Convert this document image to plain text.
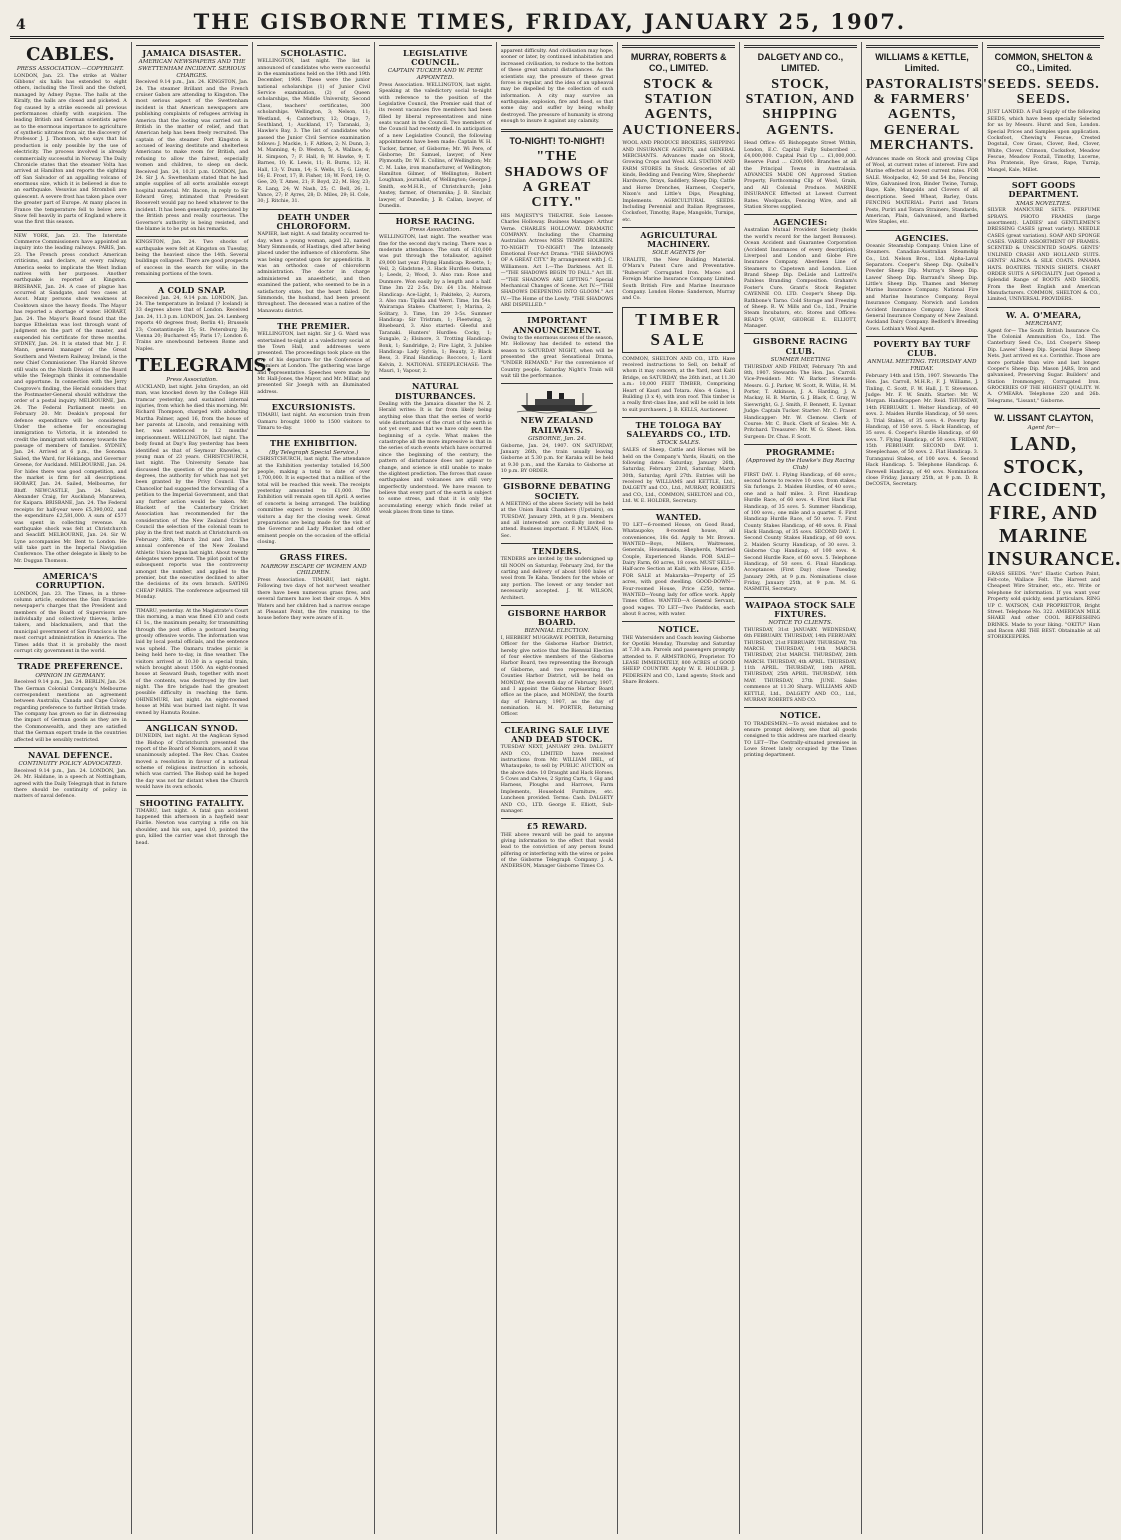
4	THE GISBORNE TIMES, FRIDAY, JANUARY 25, 1907.
CABLES.
PRESS ASSOCIATION.—COPYRIGHT.
LONDON, Jan. 23. The strike at Walter Gibbons' six halls has extended to eight others, including the Tivoli and the Oxford, managed by Adney Payne. The halls at the Kiralfy, the halls are closed and picketed. A fog caused by a strike exceeds all previous performances chiefly with suspicion. The leading British and German scientists agree as to the enormous importance to agriculture of synthetic nitrates from air, the discovery of Professor J. J. Thomson, who says that his production is only possible by the use of electricity. The process involved is already commercially successful in Norway. The Daily Chronicle states that the steamer Volta has arrived at Hamilton and reports the sighting off San Salvador of an appalling volcano of enormous size, which it is believed is due to an earthquake. Vesuvius and Stromboli are quiescent. A severe frost has taken place over the greater part of Europe. At many places in France the temperature fell to below zero. Snow fell heavily in parts of England where it was the first this season.
NEW YORK, Jan. 23. The Interstate Commerce Commissioners have appointed an inquiry into the leading railways. PARIS, Jan. 23. The French press conduct American criticisms, and declare, at every railway, America seeks to implicate the West Indian natives with her purposes. Another earthquake is reported at Kingston. BRISBANE, Jan. 24. A case of plague has occurred at Sandgate, and two cases at Ascot. Many persons show weakness at Cooktown since the heavy floods. The Mayor has reported a shortage of water. HOBART, Jan. 24. The Mayor's Board found that the barque Ethelstan was lost through want of judgment on the part of the master, and suspended his certificate for three months. SYDNEY, Jan. 24. It is stated that Mr. J. F. Mann, general manager of the Great Southern and Western Railway, Ireland, is the new Chief Commissioner. The Harold Shrove still waits on the Ninth Division of the Board while the Telegraph thinks it commendable and opportune. In connection with the Jerry Cosgrove's finding, the Herald considers that the Postmaster-General should withdraw the order of a postal inquiry. MELBOURNE, Jan. 24. The Federal Parliament meets on February 20. Mr. Deakin's proposal for defence expenditure will be considered. Under the scheme for encouraging immigration to Victoria, it is intended to credit the immigrant with money towards the passage of members of families. SYDNEY, Jan. 24. Arrived at 6 p.m., the Sonoma. Sailed, the Ward, for Hokianga, and Governor Greene, for Auckland. MELBOURNE, Jan. 24. For hides there was good competition, and the market is firm for all descriptions. HOBART, Jan. 24. Sailed, Melbourne, for Bluff. NEWCASTLE, Jan. 24. Sailed, Alexander Craig, for Auckland; Manurewa, for Kaipara. BRISBANE, Jan. 24. The Federal receipts for half-year were £5,390,002, and the expenditure £2,581,000. A sum of £577 was spent in collecting revenue. An earthquake shock was felt at Christchurch and Seacliff. MELBOURNE, Jan. 24. Sir W. Lyne accompanies Mr. Bent to London. He will take part in the Imperial Navigation Conference. The other delegate is likely to be Mr. Duggan Thomson.
AMERICA'S CORRUPTION.
LONDON, Jan. 23. The Times, in a three-column article, endorses the San Francisco newspaper's charges that the President and members of the Board of Supervisors are individually and collectively thieves, bribe-takers, and blackmailers, and that the municipal government of San Francisco is the most corrupt administration in America. The Times adds that it is probably the most corrupt city government in the world.
TRADE PREFERENCE.
OPINION IN GERMANY.
Received 9.14 p.m., Jan. 24. BERLIN, Jan. 24. The German Colonial Company's Melbourne correspondent mentions an agreement between Australia, Canada and Cape Colony regarding preference to further British trade. The company has grown so far in distressing the impact of German goods as they are in the Commonwealth, and they are satisfied that the German export trade in the countries affected will be sensibly restricted.
NAVAL DEFENCE.
CONTINUITY POLICY ADVOCATED.
Received 9.14 p.m., Jan. 24. LONDON, Jan. 24. Mr. Haldane, in a speech at Nottingham, agreed with the Daily Telegraph that in future there should be continuity of policy in matters of naval defence.
JAMAICA DISASTER.
AMERICAN NEWSPAPERS AND THE SWETTENHAM INCIDENT. SERIOUS CHARGES.
Received 9.14 p.m., Jan. 24. KINGSTON, Jan. 24. The steamer Brillant and the French cruiser Gabon are attending to Kingston. The most serious aspect of the Swettenham incident is that American newspapers are publishing complaints of refugees arriving in America that the looting was carried out in British in the matter of relief, and that American help has been freely recruited. The captain of the steamer Port Kingston is accused of leaving destitute and shelterless Americans to make room for British, and refusing to allow the fairest, especially women and children, to sleep on deck. Received Jan. 24, 10.31 p.m. LONDON, Jan. 24. Sir J. A. Swettenham stated that he had ample supplies of all sorts available except hospital material. Mr. Bacon, in reply to Sir Edward Grey, intimated that President Roosevelt would pay no heed whatever to the incident. It has been generally appreciated by the British press and really courteous. The Governor's authority is being resisted, and the blame is to be put on his remarks.
KINGSTON, Jan. 24. Two shocks of earthquake were felt at Kingston on Tuesday, being the heaviest since the 14th. Several buildings collapsed. There are good prospects of success in the search for wills; in the remaining portions of the town.
A COLD SNAP.
Received Jan. 24, 9.14 p.m. LONDON, Jan. 24. The temperature in Ireland (? Iceland) is 33 degrees above that of London. Received Jan. 24, 11.3 p.m. LONDON, Jan. 24. Lemberg reports 40 degrees frost; Berlin 41; Brussels 23; Constantinople 15; St. Petersburg 28; Vienna 20; Bucharest 45; Paris 17; London 6. Trains are snowbound between Rome and Naples.
TELEGRAMS.
Press Association.
AUCKLAND, last night. John Graydon, an old man, was knocked down by the College Hill tramcar yesterday, and sustained internal injuries, from which he died this morning. Mr. Richard Thompson, charged with abducting Martha Palmer, aged 16, from the house of her parents at Lincoln, and remaining with her, was sentenced to 12 months' imprisonment. WELLINGTON, last night. The body found at Day's Bay yesterday has been identified as that of Seymour Knowles, a young man of 23 years. CHRISTCHURCH, last night. The University Senate has discussed the question of the proposal for degrees, the authority for which has not yet been granted by the Privy Council. The Chancellor had suggested the forwarding of a petition to the Imperial Government, and that any further action would be taken. Mr. Blackett of the Canterbury Cricket Association has recommended for the consideration of the New Zealand Cricket Council the selection of the colonial team to play in the first test match at Christchurch on February 28th, March 2nd and 3rd. The annual conference of the New Zealand Athletic Union began last night. About twenty delegates were present. The pilot point of the subsequent reports was the controversy amongst the number, and applied to the premier, but the executive declined to alter the decisions of its own branch. SAYING CHEAP FARES. The conference adjourned till Monday.
TIMARU, yesterday. At the Magistrate's Court this morning, a man was fined £10 and costs £1 1s., the maximum penalty, for transmitting through the post office a postcard bearing grossly offensive words. The information was laid by local postal officials, and the sentence was upheld. The Oamaru trades picnic is being held here to-day, in fine weather. The visitors arrived at 10.30 in a special train, which brought about 1500. An eight-roomed house at Seaward Bush, together with most of the contents, was destroyed by fire last night. The fire brigade had the greatest possible difficulty in reaching the farm. OHINEMURI, last night. An eight-roomed house at Mihi was burned last night. It was owned by Hamuta Rouine.
ANGLICAN SYNOD.
DUNEDIN, last night. At the Anglican Synod the Bishop of Christchurch presented the report of the Board of Nominators, and it was unanimously adopted. The Rev. Chas. Coates moved a resolution in favour of a national scheme of religious instruction in schools, which was carried. The Bishop said he hoped the day was not far distant when the Church would have its own schools.
SHOOTING FATALITY.
TIMARU, last night. A fatal gun accident happened this afternoon in a hayfield near Fairlie. Newton was carrying a rifle on his shoulder, and his son, aged 10, pointed the gun, killed the carrier was shot through the head.
SCHOLASTIC.
WELLINGTON, last night. The list is announced of candidates who were successful in the examinations held on the 19th and 19th December, 1906. These were the junior national scholarships (1) of Junior Civil Service examination, (2) of Queen scholarships, the Middle University, Second Class, teachers' certificates, 300 scholarships. Wellington, 3; Nelson, 11; Westland, 4; Canterbury, 12; Otago, 7; Southland, 1; Auckland, 17; Taranaki, 3; Hawke's Bay, 3. The list of candidates who passed the Junior Civil Service examination follows: J. Mackie, 1; F. Aitken, 2; N. Dunn, 3; M. Manning, 4; D. Weston, 5; A. Wallace, 6; H. Simpson, 7; F. Hall, 8; W. Hawke, 9; T. Barnes, 10; K. Lewis, 11; R. Burns, 12; H. Hall, 13; V. Dunn, 14; S. Wells, 15; G. Lister, 16; E. Frost, 17; B. Fisher, 18; W. Ford, 19; O. Gee, 20; T. Ames, 21; F. Boyd, 22; M. Hoy, 23; R. Lang, 24; W. Nash, 25; C. Bell, 26; L. Vance, 27; P. Ayres, 28; D. Miles, 29; H. Cole, 30; J. Ritchie, 31.
DEATH UNDER CHLOROFORM.
NAPIER, last night. A sad fatality occurred to-day, when a young woman, aged 22, named Mary Simmonds, of Hastings, died after being placed under the influence of chloroform. She was being operated upon for appendicitis. It was an orthodox case of chloroform administration. The doctor in charge administered an anaesthetic, and then examined the patient, who seemed to be in a satisfactory state, but the heart failed. Dr. Simmonds, the husband, had been present throughout. The deceased was a native of the Manawatu district.
THE PREMIER.
WELLINGTON, last night. Sir J. G. Ward was entertained to-night at a valedictory social at the Town Hall, and addresses were presented. The proceedings took place on the eve of his departure for the Conference of Premiers at London. The gathering was large and representative. Speeches were made by Mr. Hall-Jones, the Mayor, and Mr. Millar, and presented Sir Joseph with an illuminated address.
EXCURSIONISTS.
TIMARU, last night. An excursion train from Oamaru brought 1000 to 1500 visitors to Timaru to-day.
THE EXHIBITION.
(By Telegraph Special Service.)
CHRISTCHURCH, last night. The attendance at the Exhibition yesterday totalled 16,500 people, making a total to date of over 1,700,000. It is expected that a million of the total will be reached this week. The receipts yesterday amounted to £1,000. The Exhibition will remain open till April. A series of concerts is being arranged. The building committee expect to receive over 30,000 visitors a day for the closing week. Great preparations are being made for the visit of the Governor and Lady Plunket and other eminent people on the occasion of the official closing.
GRASS FIRES.
NARROW ESCAPE OF WOMEN AND CHILDREN.
Press Association. TIMARU, last night. Following two days of hot nor'west weather there have been numerous grass fires, and several farmers have lost their crops. A Mrs Waters and her children had a narrow escape at Pleasant Point, the fire running to the house before they were aware of it.
LEGISLATIVE COUNCIL.
CAPTAIN TUCKER AND W. PERE APPOINTED.
Press Association. WELLINGTON, last night. Speaking at the valedictory social to-night with reference to the position of the Legislative Council, the Premier said that of its recent vacancies five members had been filled by liberal representatives and nine seats vacant in the Council. Two members of the Council had recently died. In anticipation of a new Legislative Council, the following appointments have been made: Captain W. H. Tucker, farmer, of Gisborne; Mr. Wi Pere, of Gisborne; Dr. Samuel, lawyer, of New Plymouth; Dr. W. E. Collins, of Wellington; Mr. C. M. Luke, iron manufacturer, of Wellington; Hamilton Gilmer, of Wellington; Robert Loughnan, journalist, of Wellington; George J. Smith, ex-M.H.R., of Christchurch; John Anstey, farmer, of Oteramika; J. B. Sinclair, lawyer, of Dunedin; J. B. Callan, lawyer, of Dunedin.
HORSE RACING.
Press Association.
WELLINGTON, last night. The weather was fine for the second day's racing. There was a moderate attendance. The sum of £10,000 was put through the totalisator, against £9,000 last year. Flying Handicap: Rosette, 1; Veil, 2; Gladstone, 3. Hack Hurdles: Oatana, 1; Leeds, 2; Wood, 3. Also ran: Rose and Dunmore. Won easily by a length and a half. Time 3m 22 2-5s. Div. £4 13s. Melrose Handicap: Ace-Light, 1; Pakiteko, 2; Aurora, 3. Also ran: Tipilia and Werri. Time, 1m 54s. Wairarapa Stakes: Chatterer, 1; Marina, 2; Solitary, 3. Time, 1m 29 3-5s. Summer Handicap: Sir Tristram, 1; Fleetwing, 2; Bluebeard, 3. Also started: Gleeful and Taranaki. Hunters' Hurdles: Cocky, 1; Sungale, 2; Elsinore, 3. Trotting Handicap: Bonk, 1; Sandridge, 2; Fire Light, 3. Jubilee Handicap: Lady Sylvia, 1; Beauty, 2; Black Bess, 3. Final Handicap: Roccoco, 1; Lord Kelvin, 2. NATIONAL STEEPLECHASE: The Mauri, 1; Vapour, 2.
NATURAL DISTURBANCES.
Dealing with the Jamaica disaster the N. Z. Herald writes: It is far from likely being anything else than that the series of world-wide disturbances of the crust of the earth is not yet over, and that we have only seen the beginning of a cycle. What makes the catastrophe all the more impressive is that in the series of such events which have occurred since the beginning of the century, the pattern of disturbance does not appear to change, and science is still unable to make the slightest prediction. The forces that cause earthquakes and volcanoes are still very imperfectly understood. We have reason to believe that every part of the earth is subject to some stress, and that it is only the accumulating energy which finds relief at weak places from time to time.
apparent difficulty. And civilisation may hope, sooner or later, by continued inhabitation and increased civilisation, to reduce to the bottom of these great natural disturbances. As the scientists say, the pressure of these great forces is regular, and the idea of an upheaval may be dispelled by the collection of such information. A city may survive an earthquake, explosion, fire and flood, so that some day and suffer by being wholly destroyed. The pressure of humanity is strong enough to insure it against any calamity.
TO-NIGHT! TO-NIGHT!
"THE SHADOWS OF A GREAT CITY."
HIS MAJESTY'S THEATRE. Sole Lessee: Charles Holloway. Business Manager: Arthur Verne. CHARLES HOLLOWAY. DRAMATIC COMPANY. Including the Charming Australian Actress MISS TEMPE HOLBEIN. TO-NIGHT! TO-NIGHT! The Intensely Emotional Four-Act Drama: "THE SHADOWS OF A GREAT CITY." By arrangement with J. C. Williamson. Act I.—The Darkness. Act II.—"THE SHADOWS BEGIN TO FALL." Act III.—"THE SHADOWS ARE LIFTING." Special Mechanical Changes of Scene. Act IV.—"THE SHADOWS DEEPENING INTO GLOOM." Act IV.—The Home of the Lowly. "THE SHADOWS ARE DISPELLED."
IMPORTANT ANNOUNCEMENT.
Owing to the enormous success of the season, Mr. Holloway has decided to extend the season to SATURDAY NIGHT, when will be presented the great Sensational Drama, "UNDER REMAND." For the convenience of Country people, Saturday Night's Train will wait till the performance.
NEW ZEALAND RAILWAYS.
GISBORNE, Jan. 24.
Gisborne, Jan. 24, 1907. ON SATURDAY, January 26th, the train usually leaving Gisborne at 5.30 p.m. for Karaka will be held at 9.30 p.m., and the Karaka to Gisborne at 10 p.m. BY ORDER.
GISBORNE DEBATING SOCIETY.
A MEETING of the above Society will be held at the Union Bank Chambers (Upstairs), on TUESDAY, January 29th, at 8 p.m. Members and all interested are cordially invited to attend. Business important. F. M'LEAN, Hon. Sec.
TENDERS.
TENDERS are invited by the undersigned up till NOON on Saturday, February 2nd, for the carting and delivery of about 1000 bales of wool from Te Kaha. Tenders for the whole or any portion. The lowest or any tender not necessarily accepted. J. W. WILSON, Architect.
GISBORNE HARBOR BOARD.
BIENNIAL ELECTION.
I, HERBERT MUGGRAVE PORTER, Returning Officer for the Gisborne Harbor District, hereby give notice that the Biennial Election of four elective members of the Gisborne Harbor Board, two representing the Borough of Gisborne, and two representing the Counties Harbor District, will be held on MONDAY, the seventh day of February, 1907, and I appoint the Gisborne Harbor Board office as the place, and MONDAY, the fourth day of February, 1907, as the day of nomination. H. M. PORTER, Returning Officer.
CLEARING SALE LIVE AND DEAD STOCK.
TUESDAY NEXT, JANUARY 29th. DALGETY AND CO., LIMITED have received instructions from Mr. WILLIAM IBEL, of Whataupoko, to sell by PUBLIC AUCTION on the above date: 10 Draught and Hack Horses, 5 Cows and Calves, 2 Spring Carts, 1 Gig and Harness, Ploughs and Harrows, Farm Implements, Household Furniture, etc. Luncheon provided. Terms: Cash. DALGETY AND CO., LTD. George E. Elliott, Sub-manager.
£5 REWARD.
THE above reward will be paid to anyone giving information to the effect that would lead to the conviction of any person found pilfering or interfering with the wires or poles of the Gisborne Telegraph Company. J. A. ANDERSON, Manager Gisborne Times Co.
MURRAY, ROBERTS & CO., LIMITED.
STOCK & STATION AGENTS, AUCTIONEERS.
WOOL AND PRODUCE BROKERS, SHIPPING AND INSURANCE AGENTS, and GENERAL MERCHANTS. Advances made on Stock, Growing Crops and Wool. ALL STATION AND FARM STORES In Stock. Groceries of all kinds, Bedding and Fencing Wire, Shepherds' Hardware, Drays, Saddlery, Sheep Dip, Cattle and Horse Drenches, Harness, Cooper's, Nixon's and Little's Dips, Ploughing, Implements. AGRICULTURAL SEEDS. Including Perennial and Italian Ryegrasses, Cocksfoot, Timothy, Rape, Mangolds, Turnips, etc.
AGRICULTURAL MACHINERY.
SOLE AGENTS for
URALITE, the New Building Material. O'Mara's Patent Cure and Preventative. "Ruberoid" Corrugated Iron. Maceo and Foreign Marine Insurance Company Limited. South British Fire and Marine Insurance Company. London Home: Sanderson, Murray and Co.
TIMBER SALE
COMMON, SHELTON AND CO., LTD. Have received instructions to Sell, on behalf of whom it may concern, at the Yard, next Kaiti Bridge, on SATURDAY, the 26th inst., at 11.30 a.m.: 10,000 FEET TIMBER, Comprising Heart of Kauri and Totara. Also: 4 Gates, 1 Building (3 x 4), with iron roof. This timber is a really first-class line, and will be sold in lots to suit purchasers. J. B. KELLS, Auctioneer.
THE TOLOGA BAY SALEYARDS CO., LTD.
STOCK SALES.
SALES of Sheep, Cattle and Horses will be held on the Company's Yards, Hauiti, on the following dates: Saturday, January 26th, Saturday, February 23rd, Saturday, March 30th, Saturday, April 27th. Entries will be received by WILLIAMS and KETTLE, Ltd., DALGETY and CO., Ltd., MURRAY, ROBERTS and CO., Ltd., COMMON, SHELTON and CO., Ltd. W. E. HOLDER, Secretary.
WANTED.
TO LET—6-roomed House, on Good Road, Whataupoko; 8-roomed house, all conveniences, 18s 6d. Apply to Mr. Brown. WANTED—Boys, Millers, Waitresses, Generals, Housemaids, Shepherds, Married Couple, Experienced Hands. FOR SALE—Dairy Farm, 60 acres, 18 cows. MUST SELL—Half-acre Section at Kaiti, with House, £350. FOR SALE at Makaraka—Property of 25 acres, with good dwelling. GOOD-DOWN—Four-roomed House, Price £250, terms. WANTED—Young lady for office work. Apply Times Office. WANTED—A General Servant, good wages. TO LET—Two Paddocks, each about 8 acres, with water.
NOTICE.
THE Watersiders and Coach leaving Gisborne for Opotiki Monday, Thursday and Saturday at 7.30 a.m. Parcels and passengers promptly attended to. F. ARMSTRONG, Proprietor. TO LEASE IMMEDIATELY, 800 ACRES of GOOD SHEEP COUNTRY. Apply W. E. HOLDER. J. PEDERSEN and CO., Land agents; Stock and Share Brokers.
DALGETY AND CO., LIMITED.
STOCK, STATION, AND SHIPPING AGENTS.
Head Office: 65 Bishopsgate Street Within, London, E.C. Capital Fully Subscribed ... £4,000,000. Capital Paid Up ... £1,000,000. Reserve Fund ... £200,000. Branches at all the Principal Towns in Australasia. ADVANCES MADE ON Approved Station Property, Forthcoming Clip of Wool, Grain, and All Colonial Produce. MARINE INSURANCE Effected at Lowest Current Rates. Woolpacks, Fencing Wire, and all Station Stores supplied.
AGENCIES:
Australian Mutual Provident Society (holds the world's record for the largest Bonuses). Ocean Accident and Guarantee Corporation (Accident Insurances of every description). Liverpool and London and Globe Fire Insurance Company. Aberdeen Line of Steamers to Capetown and London. Lion Brand Sheep Dip. DeLisle and Luttrell's Painless Branding Composition. Graham's Foster's Cure. Grant's Stock Register. CAYENNE CO. LTD. Cooper's Sheep Dip. Rathbone's Tarno. Cold Storage and Freezing of Sheep. R. W. Mills and Co., Ltd., Prairie Steam Incubators, etc. Stores and Offices: READ'S QUAY, GEORGE E. ELLIOTT, Manager.
GISBORNE RACING CLUB.
SUMMER MEETING
THURSDAY AND FRIDAY, February 7th and 8th, 1907. Stewards: The Hon. Jas. Carroll. Vice-President: Mr. W. Barker. Stewards: Messrs. G. J. Parker, W. Scott, R. Willis, H. M. Porter, T. Atkinson, J. A. Harding, J. A. Mackay, H. B. Martin, G. J. Black, C. Gray, W. Sievwright, G. J. Smith, F. Bennett, E. Lysnar. Judge: Captain Tucker. Starter: Mr. C. Fraser. Handicapper: Mr. W. Clemow. Clerk of Course: Mr. C. Buck. Clerk of Scales: Mr. A. Pritchard. Treasurer: Mr. W. G. Sheet. Hon. Surgeon: Dr. Chas. F. Scott.
PROGRAMME:
(Approved by the Hawke's Bay Racing Club)
FIRST DAY. 1. Flying Handicap, of 60 sovs.; second horse to receive 10 sovs. from stakes. Six furlongs. 2. Maiden Hurdles, of 40 sovs.; one and a half miles. 3. First Handicap Hurdle Race, of 60 sovs. 4. First Hack Flat Handicap, of 35 sovs. 5. Summer Handicap, of 100 sovs.; one mile and a quarter. 6. First Handicap Hurdle Race, of 50 sovs. 7. First County Stakes Handicap, of 40 sovs. 8. Final Hack Handicap, of 35 sovs. SECOND DAY. 1. Second County Stakes Handicap, of 60 sovs. 2. Maiden Scurry Handicap, of 30 sovs. 3. Gisborne Cup Handicap, of 100 sovs. 4. Second Hurdle Race, of 60 sovs. 5. Telephone Handicap, of 50 sovs. 6. Final Handicap. Acceptances (First Day) close Tuesday, January 29th, at 9 p.m. Nominations close Friday, January 25th, at 9 p.m. M. G. NASMITH, Secretary.
WAIPAOA STOCK SALE FIXTURES.
NOTICE TO CLIENTS.
THURSDAY, 31st JANUARY. WEDNESDAY, 6th FEBRUARY. THURSDAY, 14th FEBRUARY. THURSDAY, 21st FEBRUARY. THURSDAY, 7th MARCH. THURSDAY, 14th MARCH. THURSDAY, 21st MARCH. THURSDAY, 28th MARCH. THURSDAY, 4th APRIL. THURSDAY, 11th APRIL. THURSDAY, 18th APRIL. THURSDAY, 25th APRIL. THURSDAY, 16th MAY. THURSDAY, 27th JUNE. Sales commence at 11.30 Sharp. WILLIAMS AND KETTLE, Ltd., DALGETY AND CO., Ltd., MURRAY ROBERTS AND CO.
NOTICE.
TO TRADESMEN.—To avoid mistakes and to ensure prompt delivery, see that all goods consigned to this address are marked clearly. TO LET—The Centrally-situated premises in Lowe Street lately occupied by the Times printing department.
WILLIAMS & KETTLE, Limited.
PASTORALISTS' & FARMERS' AGENTS, GENERAL MERCHANTS.
Advances made on Stock and growing Clips of Wool, at current rates of interest. Fire and Marine effected at lowest current rates. FOR SALE. Woolpacks, 42, 50 and 54 lbs, Fencing Wire, Galvanised Iron, Binder Twine, Turnip, Rape, Kale, Mangolds and Clovers of all descriptions. Seed Wheat, Barley, Oats. FENCING MATERIAL: Puriri and Totara Posts, Puriri and Totara Strainers, Standards, American, Plain, Galvanised, and Barbed Wire Staples, etc.
AGENCIES.
Oceanic Steamship Company. Union Line of Steamers. Canadian-Australian Steamship Co., Ltd. Nelson Bros., Ltd. Alpha-Laval Separators. Cooper's Sheep Dip. Quibell's Powder Sheep Dip. Murray's Sheep Dip. Lawes' Sheep Dip. Barrand's Sheep Dip. Little's Sheep Dip. Thames and Mersey Marine Insurance Company. National Fire and Marine Insurance Company. Royal Insurance Company. Norwich and London Accident Insurance Company. Live Stock General Insurance Company of New Zealand. Auckland Dairy Company. Bedford's Breeding Cows. Lothian's Wool Agent.
POVERTY BAY TURF CLUB.
ANNUAL MEETING. THURSDAY AND FRIDAY.
February 14th and 15th, 1907. Stewards: The Hon. Jas. Carroll, M.H.R.; F. J. Williams, J. Tinling, C. Scott, F. W. Hall, J. T. Stevenson. Judge: Mr. F. W. Smith. Starter: Mr. W. Morgan. Handicapper: Mr. Reid. THURSDAY, 14th FEBRUARY. 1. Welter Handicap, of 40 sovs. 2. Maiden Hurdle Handicap, of 50 sovs. 3. Trial Stakes, of 35 sovs. 4. Poverty Bay Handicap, of 150 sovs. 5. Hack Handicap, of 35 sovs. 6. Cooper's Hurdle Handicap, of 60 sovs. 7. Flying Handicap, of 50 sovs. FRIDAY, 15th FEBRUARY. SECOND DAY. 1. Steeplechase, of 50 sovs. 2. Flat Handicap. 3. Turanganui Stakes, of 100 sovs. 4. Second Hack Handicap. 5. Telephone Handicap. 6. Farewell Handicap, of 40 sovs. Nominations close Friday, January 25th, at 9 p.m. D. B. DeCOSTA, Secretary.
COMMON, SHELTON & CO., Limited.
SEEDS. SEEDS. SEEDS.
JUST LANDED. A Full Supply of the following SEEDS, which have been specially Selected for us by Messrs. Hurst and Son, London. Special Prices and Samples upon application. Cocksfoot, Chewing's Fescue, Crested Dogstail, Cow Grass, Clover, Red, Clover, White, Clover, Crimson, Cocksfoot, Meadow Fescue, Meadow Foxtail, Timothy, Lucerne, Poa Pratensis, Rye Grass, Rape, Turnip, Mangel, Kale, Millet.
SOFT GOODS DEPARTMENT.
XMAS NOVELTIES.
SILVER MANICURE SETS. PERFUME SPRAYS. PHOTO FRAMES (large assortment). LADIES' and GENTLEMEN'S DRESSING CASES (great variety). NEEDLE CASES (great variation). SOAP AND SPONGE CASES. VARIED ASSORTMENT OF FRAMES. SCENTED & UNSCENTED SOAPS. GENTS' UNLINED CRASH AND HOLLAND SUITS. GENTS' ALPACA & SILK COATS. PANAMA HATS. BOATERS. TENNIS SHIRTS. CHART ORDER SUITS A SPECIALITY. Just Opened a Splendid Range of BOOTS AND SHOES, From the Best English and American Manufacturers. COMMON, SHELTON & CO., Limited, UNIVERSAL PROVIDERS.
W. A. O'MEARA,
MERCHANT,
Agent for— The South British Insurance Co. The Colonial Ammunition Co., Ltd. The Canterbury Seed Co., Ltd. Cooper's Sheep Dip. Lawes' Sheep Dip. Special Rope Sheep Nets. Just arrived ex s.s. Corinthic. Those are more portable than wire and last longer. Cooper's Sheep Dip. Mason JARS, Iron and galvanised, Preserving Sugar. Builders' and Station Ironmongery, Corrugated Iron. GROCERIES OF THE HIGHEST QUALITY. W. A. O'MEARA. Telephone 220 and 26b. Telegrams, "Lissant," Gisborne.
W. LISSANT CLAYTON,
Agent for—
LAND,
STOCK,
ACCIDENT,
FIRE, AND
MARINE
INSURANCE.
GRASS SEEDS. "Arc" Elastic Carbon Paint, Felt-cote, Wallace Felt. The Harvest and Cheapest Wire Strainer, etc., etc. Write or telephone for information. If you want your Property sold quickly, send particulars. RING UP C. WATSON, CAB PROPRIETOR, Bright Street. Telephone No. 322. AMERICAN MILK SHAKE And other COOL REFRESHING DRINKS. Made to your liking. "OKITU" Ham and Bacon ARE THE BEST. Obtainable at all STOREKEEPERS.
